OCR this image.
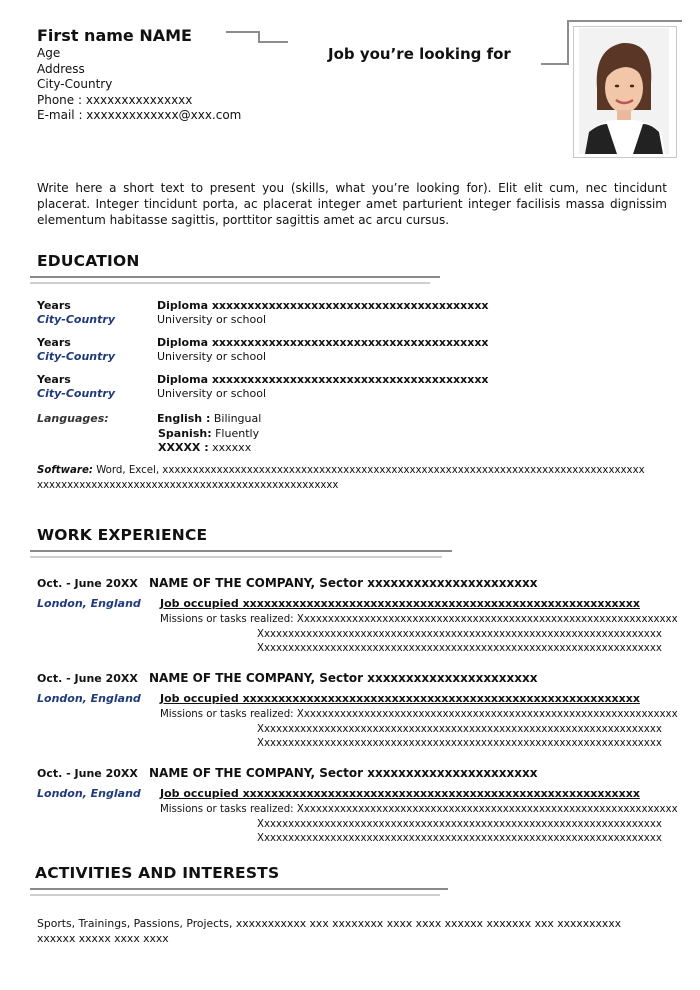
First name NAME
Age
Address
City-Country
Phone : xxxxxxxxxxxxxxx
E-mail : xxxxxxxxxxxxx@xxx.com
Job you’re looking for
Write here a short text to present you (skills, what you’re looking for). Elit elit cum, nec tincidunt placerat. Integer tincidunt porta, ac placerat integer amet parturient integer facilisis massa dignissim elementum habitasse sagittis, porttitor sagittis amet ac arcu cursus.
EDUCATION
Years
City-Country
Diploma xxxxxxxxxxxxxxxxxxxxxxxxxxxxxxxxxxxxxxx
University or school
Years
City-Country
Diploma xxxxxxxxxxxxxxxxxxxxxxxxxxxxxxxxxxxxxxx
University or school
Years
City-Country
Diploma xxxxxxxxxxxxxxxxxxxxxxxxxxxxxxxxxxxxxxx
University or school
Languages:	English : Bilingual
Spanish: Fluently
XXXXX : xxxxxx
Software: Word, Excel, xxxxxxxxxxxxxxxxxxxxxxxxxxxxxxxxxxxxxxxxxxxxxxxxxxxxxxxxxxxxxxxxxxxxxxxxxxxxxxxx
xxxxxxxxxxxxxxxxxxxxxxxxxxxxxxxxxxxxxxxxxxxxxxxxxx
WORK EXPERIENCE
Oct. - June 20XX NAME OF THE COMPANY, Sector xxxxxxxxxxxxxxxxxxxxxx
London, England Job occupied xxxxxxxxxxxxxxxxxxxxxxxxxxxxxxxxxxxxxxxxxxxxxxxxxxxxxxxx
Missions or tasks realized: Xxxxxxxxxxxxxxxxxxxxxxxxxxxxxxxxxxxxxxxxxxxxxxxxxxxxxxxxxxxxxxx
Xxxxxxxxxxxxxxxxxxxxxxxxxxxxxxxxxxxxxxxxxxxxxxxxxxxxxxxxxxxxxxxxxxx
Xxxxxxxxxxxxxxxxxxxxxxxxxxxxxxxxxxxxxxxxxxxxxxxxxxxxxxxxxxxxxxxxxxx
Oct. - June 20XX NAME OF THE COMPANY, Sector xxxxxxxxxxxxxxxxxxxxxx
London, England Job occupied xxxxxxxxxxxxxxxxxxxxxxxxxxxxxxxxxxxxxxxxxxxxxxxxxxxxxxxx
Missions or tasks realized: Xxxxxxxxxxxxxxxxxxxxxxxxxxxxxxxxxxxxxxxxxxxxxxxxxxxxxxxxxxxxxxx
Xxxxxxxxxxxxxxxxxxxxxxxxxxxxxxxxxxxxxxxxxxxxxxxxxxxxxxxxxxxxxxxxxxx
Xxxxxxxxxxxxxxxxxxxxxxxxxxxxxxxxxxxxxxxxxxxxxxxxxxxxxxxxxxxxxxxxxxx
Oct. - June 20XX NAME OF THE COMPANY, Sector xxxxxxxxxxxxxxxxxxxxxx
London, England Job occupied xxxxxxxxxxxxxxxxxxxxxxxxxxxxxxxxxxxxxxxxxxxxxxxxxxxxxxxx
Missions or tasks realized: Xxxxxxxxxxxxxxxxxxxxxxxxxxxxxxxxxxxxxxxxxxxxxxxxxxxxxxxxxxxxxxx
Xxxxxxxxxxxxxxxxxxxxxxxxxxxxxxxxxxxxxxxxxxxxxxxxxxxxxxxxxxxxxxxxxxx
Xxxxxxxxxxxxxxxxxxxxxxxxxxxxxxxxxxxxxxxxxxxxxxxxxxxxxxxxxxxxxxxxxxx
ACTIVITIES AND INTERESTS
Sports, Trainings, Passions, Projects, xxxxxxxxxxx xxx xxxxxxxx xxxx xxxx xxxxxx xxxxxxx xxx xxxxxxxxxx xxxxxx xxxxx xxxx xxxx
